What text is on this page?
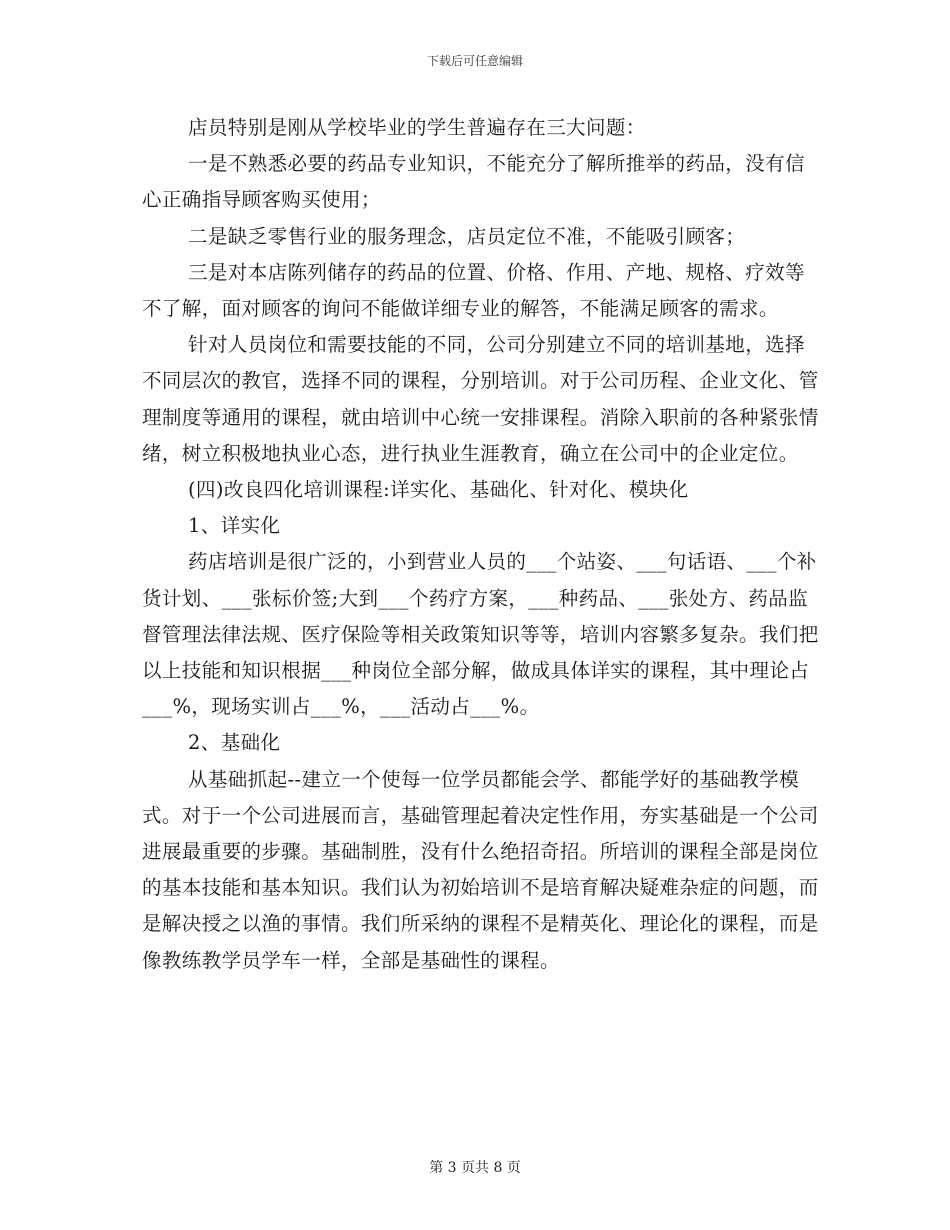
下载后可任意编辑

店员特别是刚从学校毕业的学生普遍存在三大问题：

一是不熟悉必要的药品专业知识，不能充分了解所推举的药品，没有信心正确指导顾客购买使用；

二是缺乏零售行业的服务理念，店员定位不准，不能吸引顾客；

三是对本店陈列储存的药品的位置、价格、作用、产地、规格、疗效等不了解，面对顾客的询问不能做详细专业的解答，不能满足顾客的需求。

针对人员岗位和需要技能的不同，公司分别建立不同的培训基地，选择不同层次的教官，选择不同的课程，分别培训。对于公司历程、企业文化、管理制度等通用的课程，就由培训中心统一安排课程。消除入职前的各种紧张情绪，树立积极地执业心态，进行执业生涯教育，确立在公司中的企业定位。

(四)改良四化培训课程:详实化、基础化、针对化、模块化

1、详实化

药店培训是很广泛的，小到营业人员的___个站姿、___句话语、___个补货计划、___张标价签;大到___个药疗方案，___种药品、___张处方、药品监督管理法律法规、医疗保险等相关政策知识等等，培训内容繁多复杂。我们把以上技能和知识根据___种岗位全部分解，做成具体详实的课程，其中理论占___%，现场实训占___%，___活动占___%。

2、基础化

从基础抓起--建立一个使每一位学员都能会学、都能学好的基础教学模式。对于一个公司进展而言，基础管理起着决定性作用，夯实基础是一个公司进展最重要的步骤。基础制胜，没有什么绝招奇招。所培训的课程全部是岗位的基本技能和基本知识。我们认为初始培训不是培育解决疑难杂症的问题，而是解决授之以渔的事情。我们所采纳的课程不是精英化、理论化的课程，而是像教练教学员学车一样，全部是基础性的课程。

第 3 页共 8 页
